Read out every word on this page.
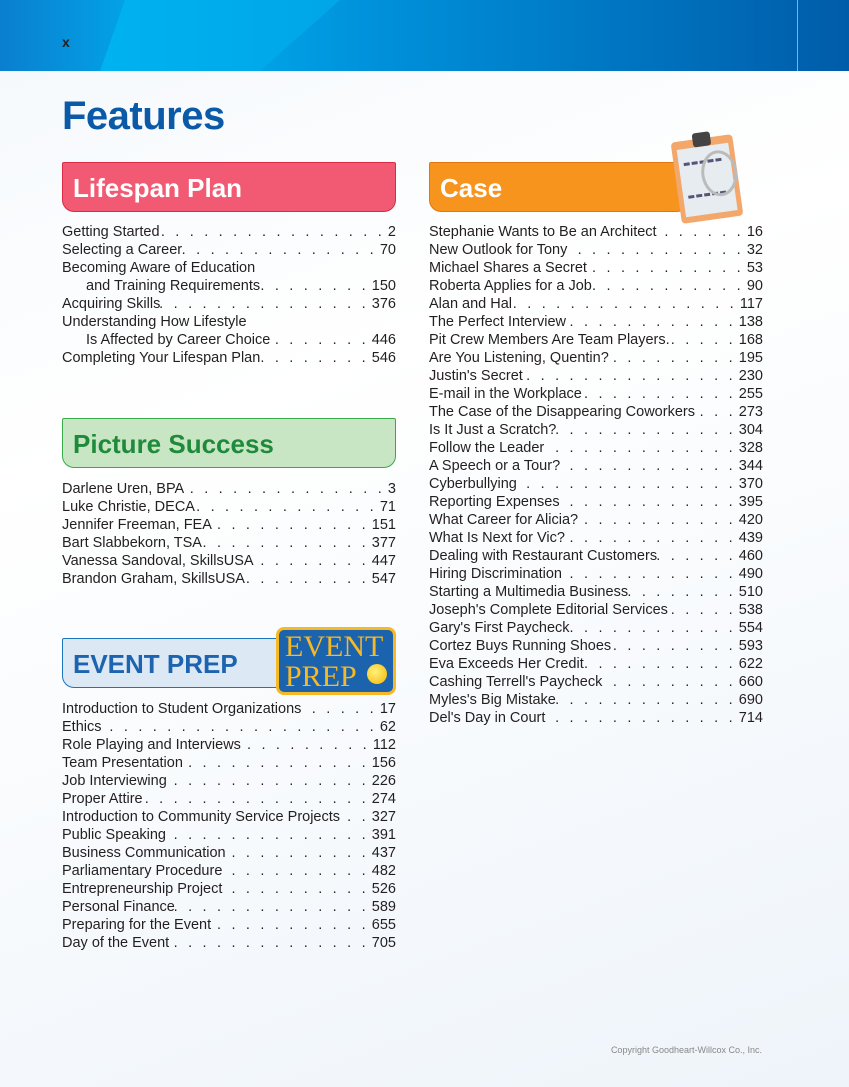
x
Features
Lifespan Plan
Getting Started . . .	2
Selecting a Career . . .	70
Becoming Aware of Education
and Training Requirements . . .	150
Acquiring Skills . . .	376
Understanding How Lifestyle
Is Affected by Career Choice . . .	446
Completing Your Lifespan Plan . . .	546
Picture Success
Darlene Uren, BPA . . .	3
Luke Christie, DECA . . .	71
Jennifer Freeman, FEA . . .	151
Bart Slabbekorn, TSA . . .	377
Vanessa Sandoval, SkillsUSA . . .	447
Brandon Graham, SkillsUSA . . .	547
EVENT PREP
EVENT
PREP
Introduction to Student Organizations . . .	17
Ethics . . .	62
Role Playing and Interviews . . .	112
Team Presentation . . .	156
Job Interviewing . . .	226
Proper Attire . . .	274
Introduction to Community Service Projects . . . 327
Public Speaking . . .	391
Business Communication . . .	437
Parliamentary Procedure . . .	482
Entrepreneurship Project . . .	526
Personal Finance . . .	589
Preparing for the Event . . .	655
Day of the Event . . .	705
Case
Stephanie Wants to Be an Architect . . .	16
New Outlook for Tony . . .	32
Michael Shares a Secret . . .	53
Roberta Applies for a Job . . .	90
Alan and Hal . . .	117
The Perfect Interview . . .	138
Pit Crew Members Are Team Players. . . .	168
Are You Listening, Quentin? . . .	195
Justin's Secret . . .	230
E-mail in the Workplace . . .	255
The Case of the Disappearing Coworkers . . .	273
Is It Just a Scratch? . . .	304
Follow the Leader . . .	328
A Speech or a Tour? . . .	344
Cyberbullying . . .	370
Reporting Expenses . . .	395
What Career for Alicia? . . .	420
What Is Next for Vic? . . .	439
Dealing with Restaurant Customers . . .	460
Hiring Discrimination . . .	490
Starting a Multimedia Business . . .	510
Joseph's Complete Editorial Services . . .	538
Gary's First Paycheck . . .	554
Cortez Buys Running Shoes . . .	593
Eva Exceeds Her Credit . . .	622
Cashing Terrell's Paycheck . . .	660
Myles's Big Mistake . . .	690
Del's Day in Court . . .	714
Copyright Goodheart-Willcox Co., Inc.
